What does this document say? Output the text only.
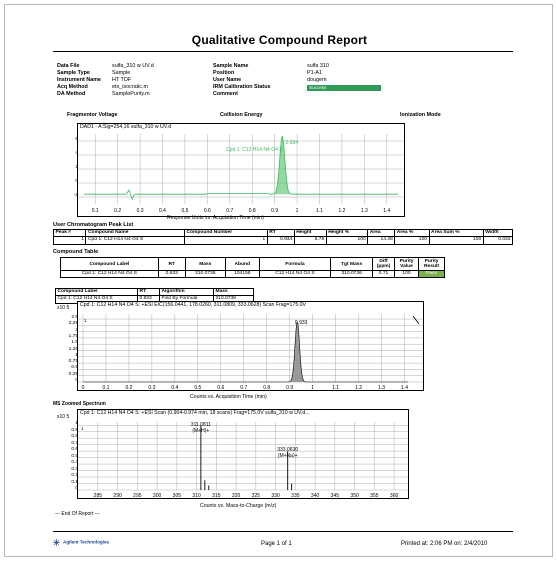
Qualitative Compound Report
Data File	sulfa_310 w UV.d
Sample Type	Sample
Instrument Name HT TOF
Acq Method	etx_isocratic.m
DA Method	SamplePurity.m
Sample Name	sulfa 310
Position	P1-A1
User Name	dougem
IRM Calibration Status	Success
Comment
Fragmentor Voltage	Collision Energy	Ionization Mode
DAD1 - A:Sig=254,16 sulfa_310 w UV.d
0.1	0.2	0.3	0.4	0.5	0.6	0.7	0.8	0.9	1	1.1	1.2	1.3	1.4
0.934
Cpd 1: C12 H14 N4 O4 S
6
4
2
0
-2
Response Units vs. Acquisition Time (min)
User Chromatogram Peak List
Peak #	Compound Name	Compound Number	RT	Height	Height %	Area	Area %	Area Sum %	Width
1	Cpd 1: C12 H14 N4 O4 S	1	0.934	6.75	100	14.48	100	100	0.033
Compound Table
Compound Label	RT	Mass	Abund	Formula	Tgt Mass	Diff (ppm)	Purity Value	Purity Result
Cpd 1: C12 H14 N4 O4 S	0.933	310.0738	104158	C12 H14 N4 O4 S	310.0736	0.71	100	Pass
Compound Label	RT	Algorithm	Mass
Cpd 1: C12 H14 N4 O4 S	0.933	Find By Formula	310.0738
x10 5 Cpd 1: C12 H14 N4 O4 S: +ESI EIC(156.0441, 178.0260, 311.0809, 333.0628) Scan Frag=175.0V
0	0.1	0.2	0.3	0.4	0.5	0.6	0.7	0.8	0.9	1	1.1	1.2	1.3	1.4
0.933
1
2.5
2.25
2
1.75
1.5
1.25
1
0.75
0.5
0.25
0
Counts vs. Acquisition Time (min)
MS Zoomed Spectrum
x10 5
Cpd 1: C12 H14 N4 O4 S: +ESI Scan (0.904-0.974 min, 18 scans) Frag=175.0V sulfa_310 w UV.d...
285 290 295 300 305 310 315 320 325 330 335 340 345 350 355 360
311.0811
(M+H)+
333.0630
(M+Na)+
1
1
0.9
0.8
0.7
0.6
0.5
0.4
0.3
0.2
0.1
0
Counts vs. Mass-to-Charge (m/z)
--- End Of Report ---
Agilent Technologies	Page 1 of 1	Printed at: 2:06 PM on: 2/4/2010
